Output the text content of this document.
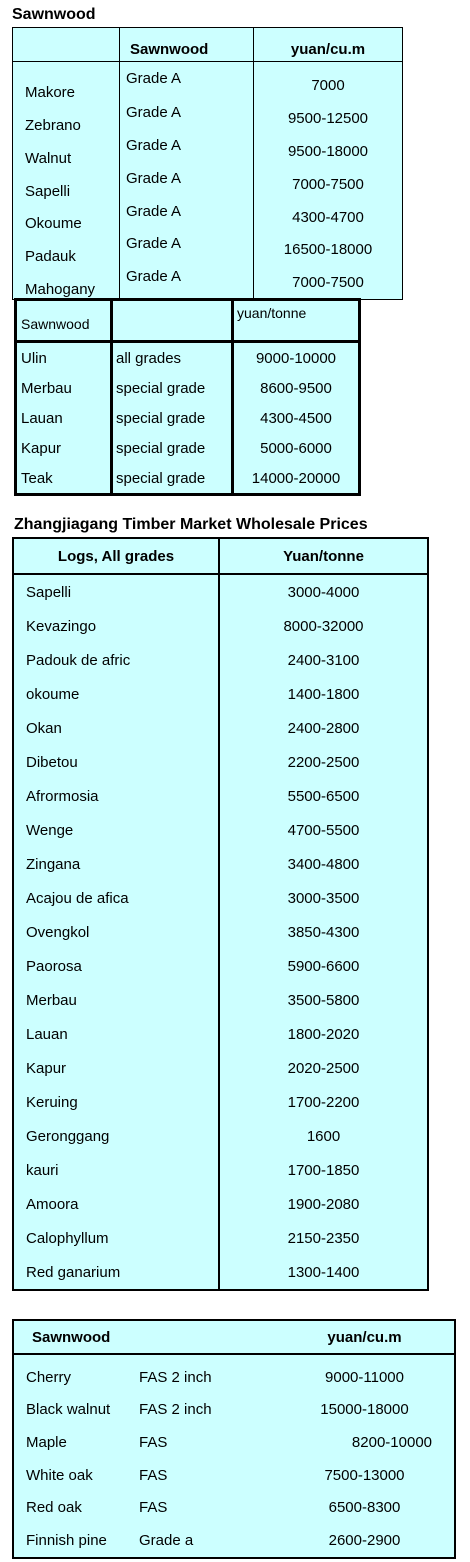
Sawnwood
	Sawnwood	yuan/cu.m
Makore	Grade A	7000
Zebrano	Grade A	9500-12500
Walnut	Grade A	9500-18000
Sapelli	Grade A	7000-7500
Okoume	Grade A	4300-4700
Padauk	Grade A	16500-18000
Mahogany	Grade A	7000-7500
Sawnwood		yuan/tonne
Ulin	all grades	9000-10000
Merbau	special grade	8600-9500
Lauan	special grade	4300-4500
Kapur	special grade	5000-6000
Teak	special grade	14000-20000
Zhangjiagang Timber Market Wholesale Prices
Logs, All grades	Yuan/tonne
Sapelli	3000-4000
Kevazingo	8000-32000
Padouk de afric	2400-3100
okoume	1400-1800
Okan	2400-2800
Dibetou	2200-2500
Afrormosia	5500-6500
Wenge	4700-5500
Zingana	3400-4800
Acajou de afica	3000-3500
Ovengkol	3850-4300
Paorosa	5900-6600
Merbau	3500-5800
Lauan	1800-2020
Kapur	2020-2500
Keruing	1700-2200
Geronggang	1600
kauri	1700-1850
Amoora	1900-2080
Calophyllum	2150-2350
Red ganarium	1300-1400
Sawnwood		yuan/cu.m
Cherry	FAS 2 inch	9000-11000
Black walnut	FAS 2 inch	15000-18000
Maple	FAS	8200-10000
White oak	FAS	7500-13000
Red oak	FAS	6500-8300
Finnish pine	Grade a	2600-2900
